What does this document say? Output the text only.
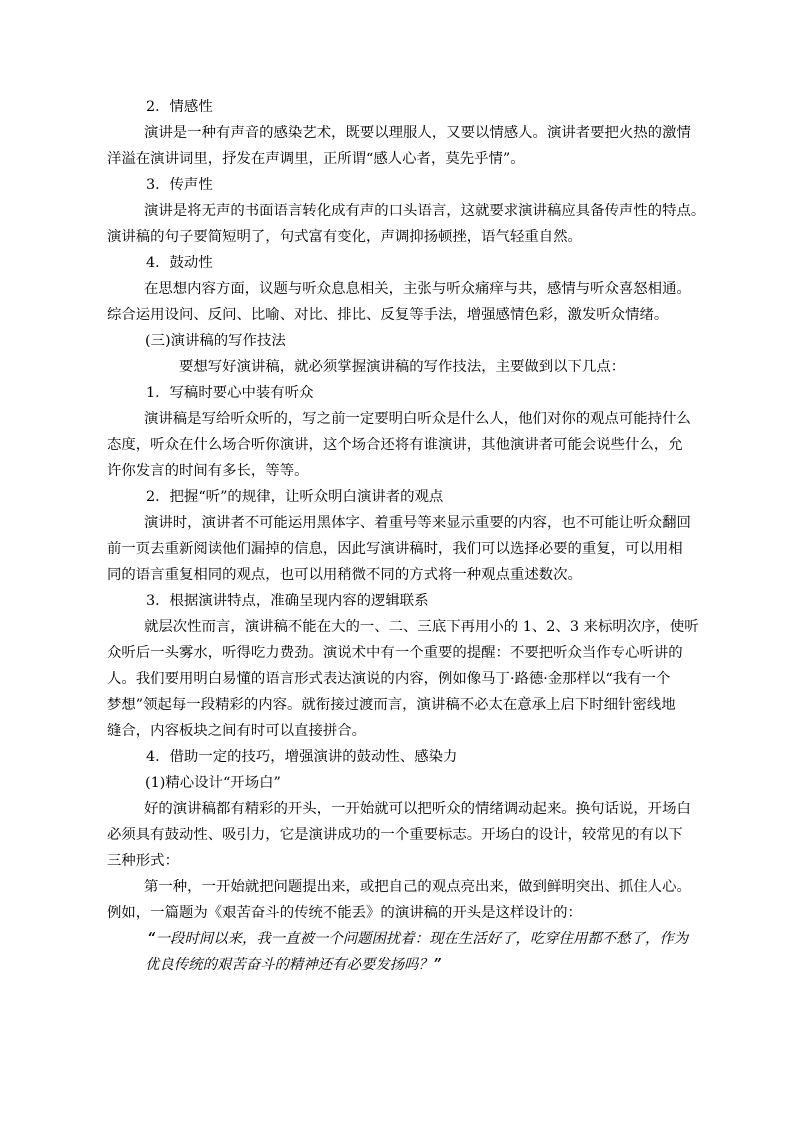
2．情感性

演讲是一种有声音的感染艺术，既要以理服人，又要以情感人。演讲者要把火热的激情

洋溢在演讲词里，抒发在声调里，正所谓“感人心者，莫先乎情”。

3．传声性

演讲是将无声的书面语言转化成有声的口头语言，这就要求演讲稿应具备传声性的特点。

演讲稿的句子要简短明了，句式富有变化，声调抑扬顿挫，语气轻重自然。

4．鼓动性

在思想内容方面，议题与听众息息相关，主张与听众痛痒与共，感情与听众喜怒相通。

综合运用设问、反问、比喻、对比、排比、反复等手法，增强感情色彩，激发听众情绪。

(三)演讲稿的写作技法

要想写好演讲稿，就必须掌握演讲稿的写作技法，主要做到以下几点：

1．写稿时要心中装有听众

演讲稿是写给听众听的，写之前一定要明白听众是什么人，他们对你的观点可能持什么

态度，听众在什么场合听你演讲，这个场合还将有谁演讲，其他演讲者可能会说些什么，允

许你发言的时间有多长，等等。

2．把握“听”的规律，让听众明白演讲者的观点

演讲时，演讲者不可能运用黑体字、着重号等来显示重要的内容，也不可能让听众翻回

前一页去重新阅读他们漏掉的信息，因此写演讲稿时，我们可以选择必要的重复，可以用相

同的语言重复相同的观点，也可以用稍微不同的方式将一种观点重述数次。

3．根据演讲特点，准确呈现内容的逻辑联系

就层次性而言，演讲稿不能在大的一、二、三底下再用小的 1、2、3 来标明次序，使听

众听后一头雾水，听得吃力费劲。演说术中有一个重要的提醒：不要把听众当作专心听讲的

人。我们要用明白易懂的语言形式表达演说的内容，例如像马丁·路德·金那样以“我有一个

梦想”领起每一段精彩的内容。就衔接过渡而言，演讲稿不必太在意承上启下时细针密线地

缝合，内容板块之间有时可以直接拼合。

4．借助一定的技巧，增强演讲的鼓动性、感染力

(1)精心设计“开场白”

好的演讲稿都有精彩的开头，一开始就可以把听众的情绪调动起来。换句话说，开场白

必须具有鼓动性、吸引力，它是演讲成功的一个重要标志。开场白的设计，较常见的有以下

三种形式：

第一种，一开始就把问题提出来，或把自己的观点亮出来，做到鲜明突出、抓住人心。

例如，一篇题为《艰苦奋斗的传统不能丢》的演讲稿的开头是这样设计的：

“一段时间以来，我一直被一个问题困扰着：现在生活好了，吃穿住用都不愁了，作为

优良传统的艰苦奋斗的精神还有必要发扬吗？”
